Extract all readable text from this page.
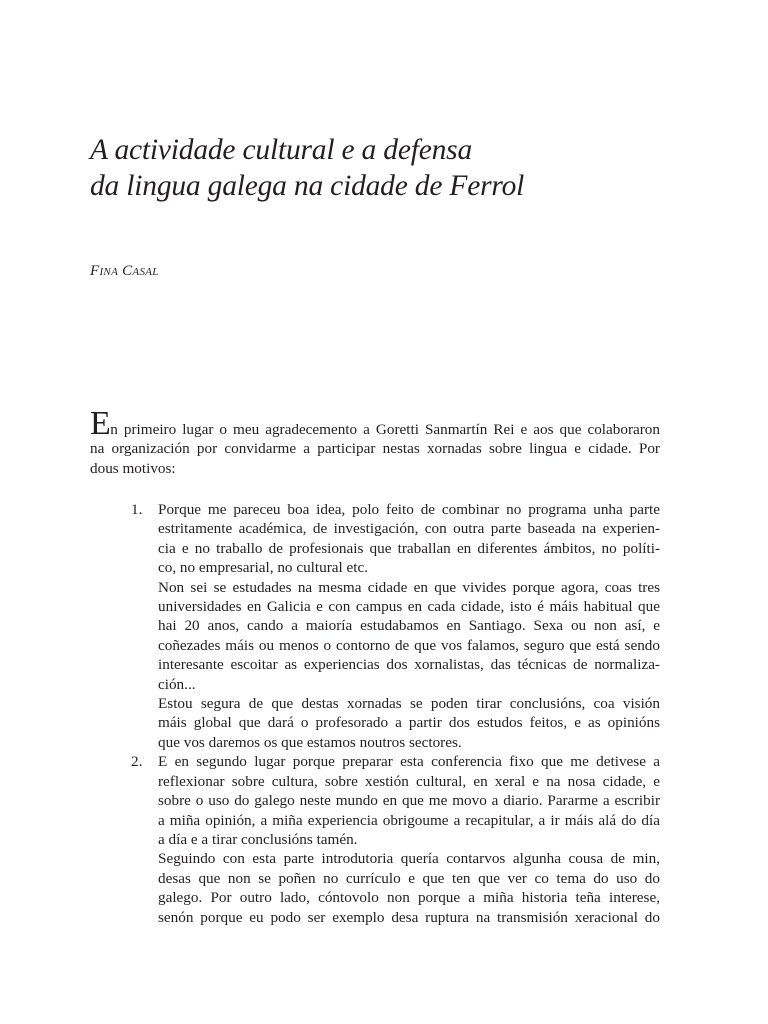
A actividade cultural e a defensa
da lingua galega na cidade de Ferrol

Fina Casal

En primeiro lugar o meu agradecemento a Goretti Sanmartín Rei e aos que colaboraron
na organización por convidarme a participar nestas xornadas sobre lingua e cidade. Por
dous motivos:
1. Porque me pareceu boa idea, polo feito de combinar no programa unha parte
estritamente académica, de investigación, con outra parte baseada na experien-
cia e no traballo de profesionais que traballan en diferentes ámbitos, no políti-
co, no empresarial, no cultural etc.

Non sei se estudades na mesma cidade en que vivides porque agora, coas tres
universidades en Galicia e con campus en cada cidade, isto é máis habitual que
hai 20 anos, cando a maioría estudabamos en Santiago. Sexa ou non así, e
coñezades máis ou menos o contorno de que vos falamos, seguro que está sendo
interesante escoitar as experiencias dos xornalistas, das técnicas de normaliza-
ción...

Estou segura de que destas xornadas se poden tirar conclusións, coa visión
máis global que dará o profesorado a partir dos estudos feitos, e as opinións
que vos daremos os que estamos noutros sectores.

2. E en segundo lugar porque preparar esta conferencia fixo que me detivese a
reflexionar sobre cultura, sobre xestión cultural, en xeral e na nosa cidade, e
sobre o uso do galego neste mundo en que me movo a diario. Pararme a escribir
a miña opinión, a miña experiencia obrigoume a recapitular, a ir máis alá do día
a día e a tirar conclusións tamén.

Seguindo con esta parte introdutoria quería contarvos algunha cousa de min,
desas que non se poñen no currículo e que ten que ver co tema do uso do
galego. Por outro lado, cóntovolo non porque a miña historia teña interese,
senón porque eu podo ser exemplo desa ruptura na transmisión xeracional do
